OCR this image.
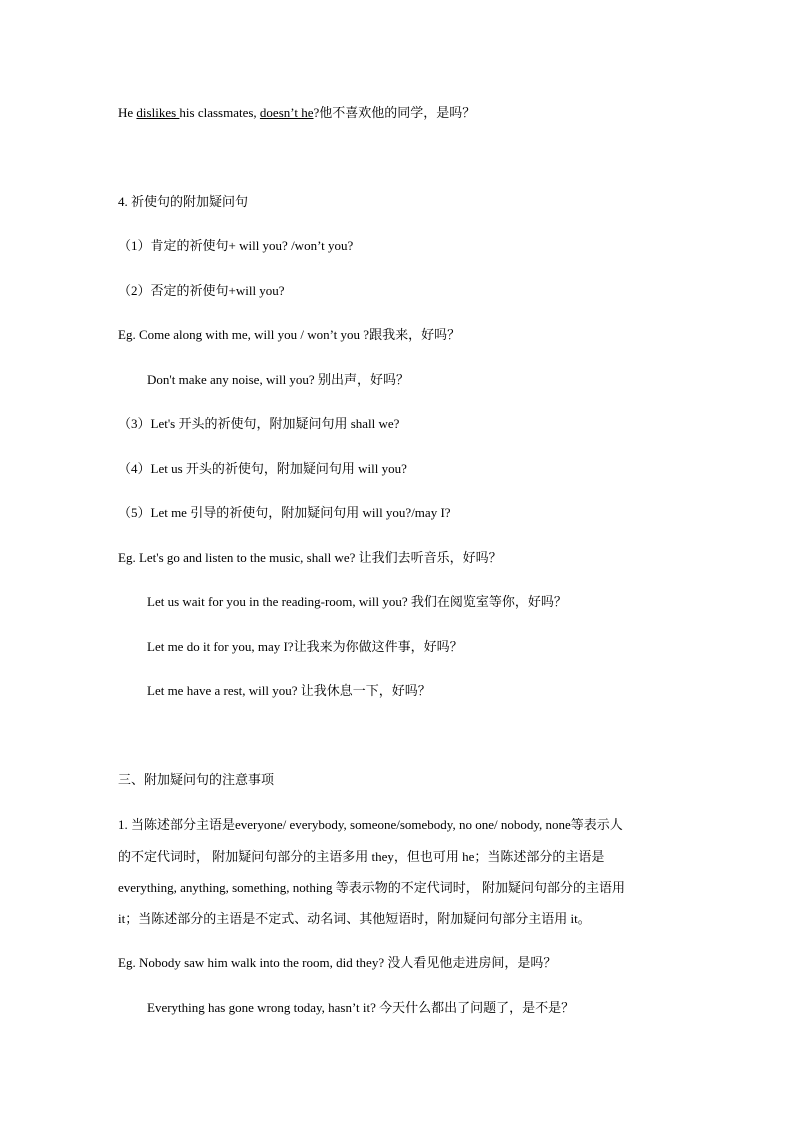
He dislikes his classmates, doesn’t he?他不喜欢他的同学，是吗？
4. 祈使句的附加疑问句
（1）肯定的祈使句+ will you? /won’t you?
（2）否定的祈使句+will you?
Eg. Come along with me, will you / won’t you ?跟我来，好吗？
Don't make any noise, will you? 别出声，好吗？
（3）Let's 开头的祈使句，附加疑问句用 shall we?
（4）Let us 开头的祈使句，附加疑问句用 will you?
（5）Let me 引导的祈使句，附加疑问句用 will you?/may I?
Eg. Let's go and listen to the music, shall we? 让我们去听音乐，好吗？
Let us wait for you in the reading-room, will you? 我们在阅览室等你，好吗？
Let me do it for you, may I?让我来为你做这件事，好吗？
Let me have a rest, will you? 让我休息一下，好吗？
三、附加疑问句的注意事项
1. 当陈述部分主语是everyone/ everybody, someone/somebody, no one/ nobody, none等表示人
的不定代词时， 附加疑问句部分的主语多用 they，但也可用 he；当陈述部分的主语是
everything, anything, something, nothing 等表示物的不定代词时， 附加疑问句部分的主语用
it；当陈述部分的主语是不定式、动名词、其他短语时，附加疑问句部分主语用 it。
Eg. Nobody saw him walk into the room, did they? 没人看见他走进房间，是吗？
Everything has gone wrong today, hasn’t it? 今天什么都出了问题了，是不是？
